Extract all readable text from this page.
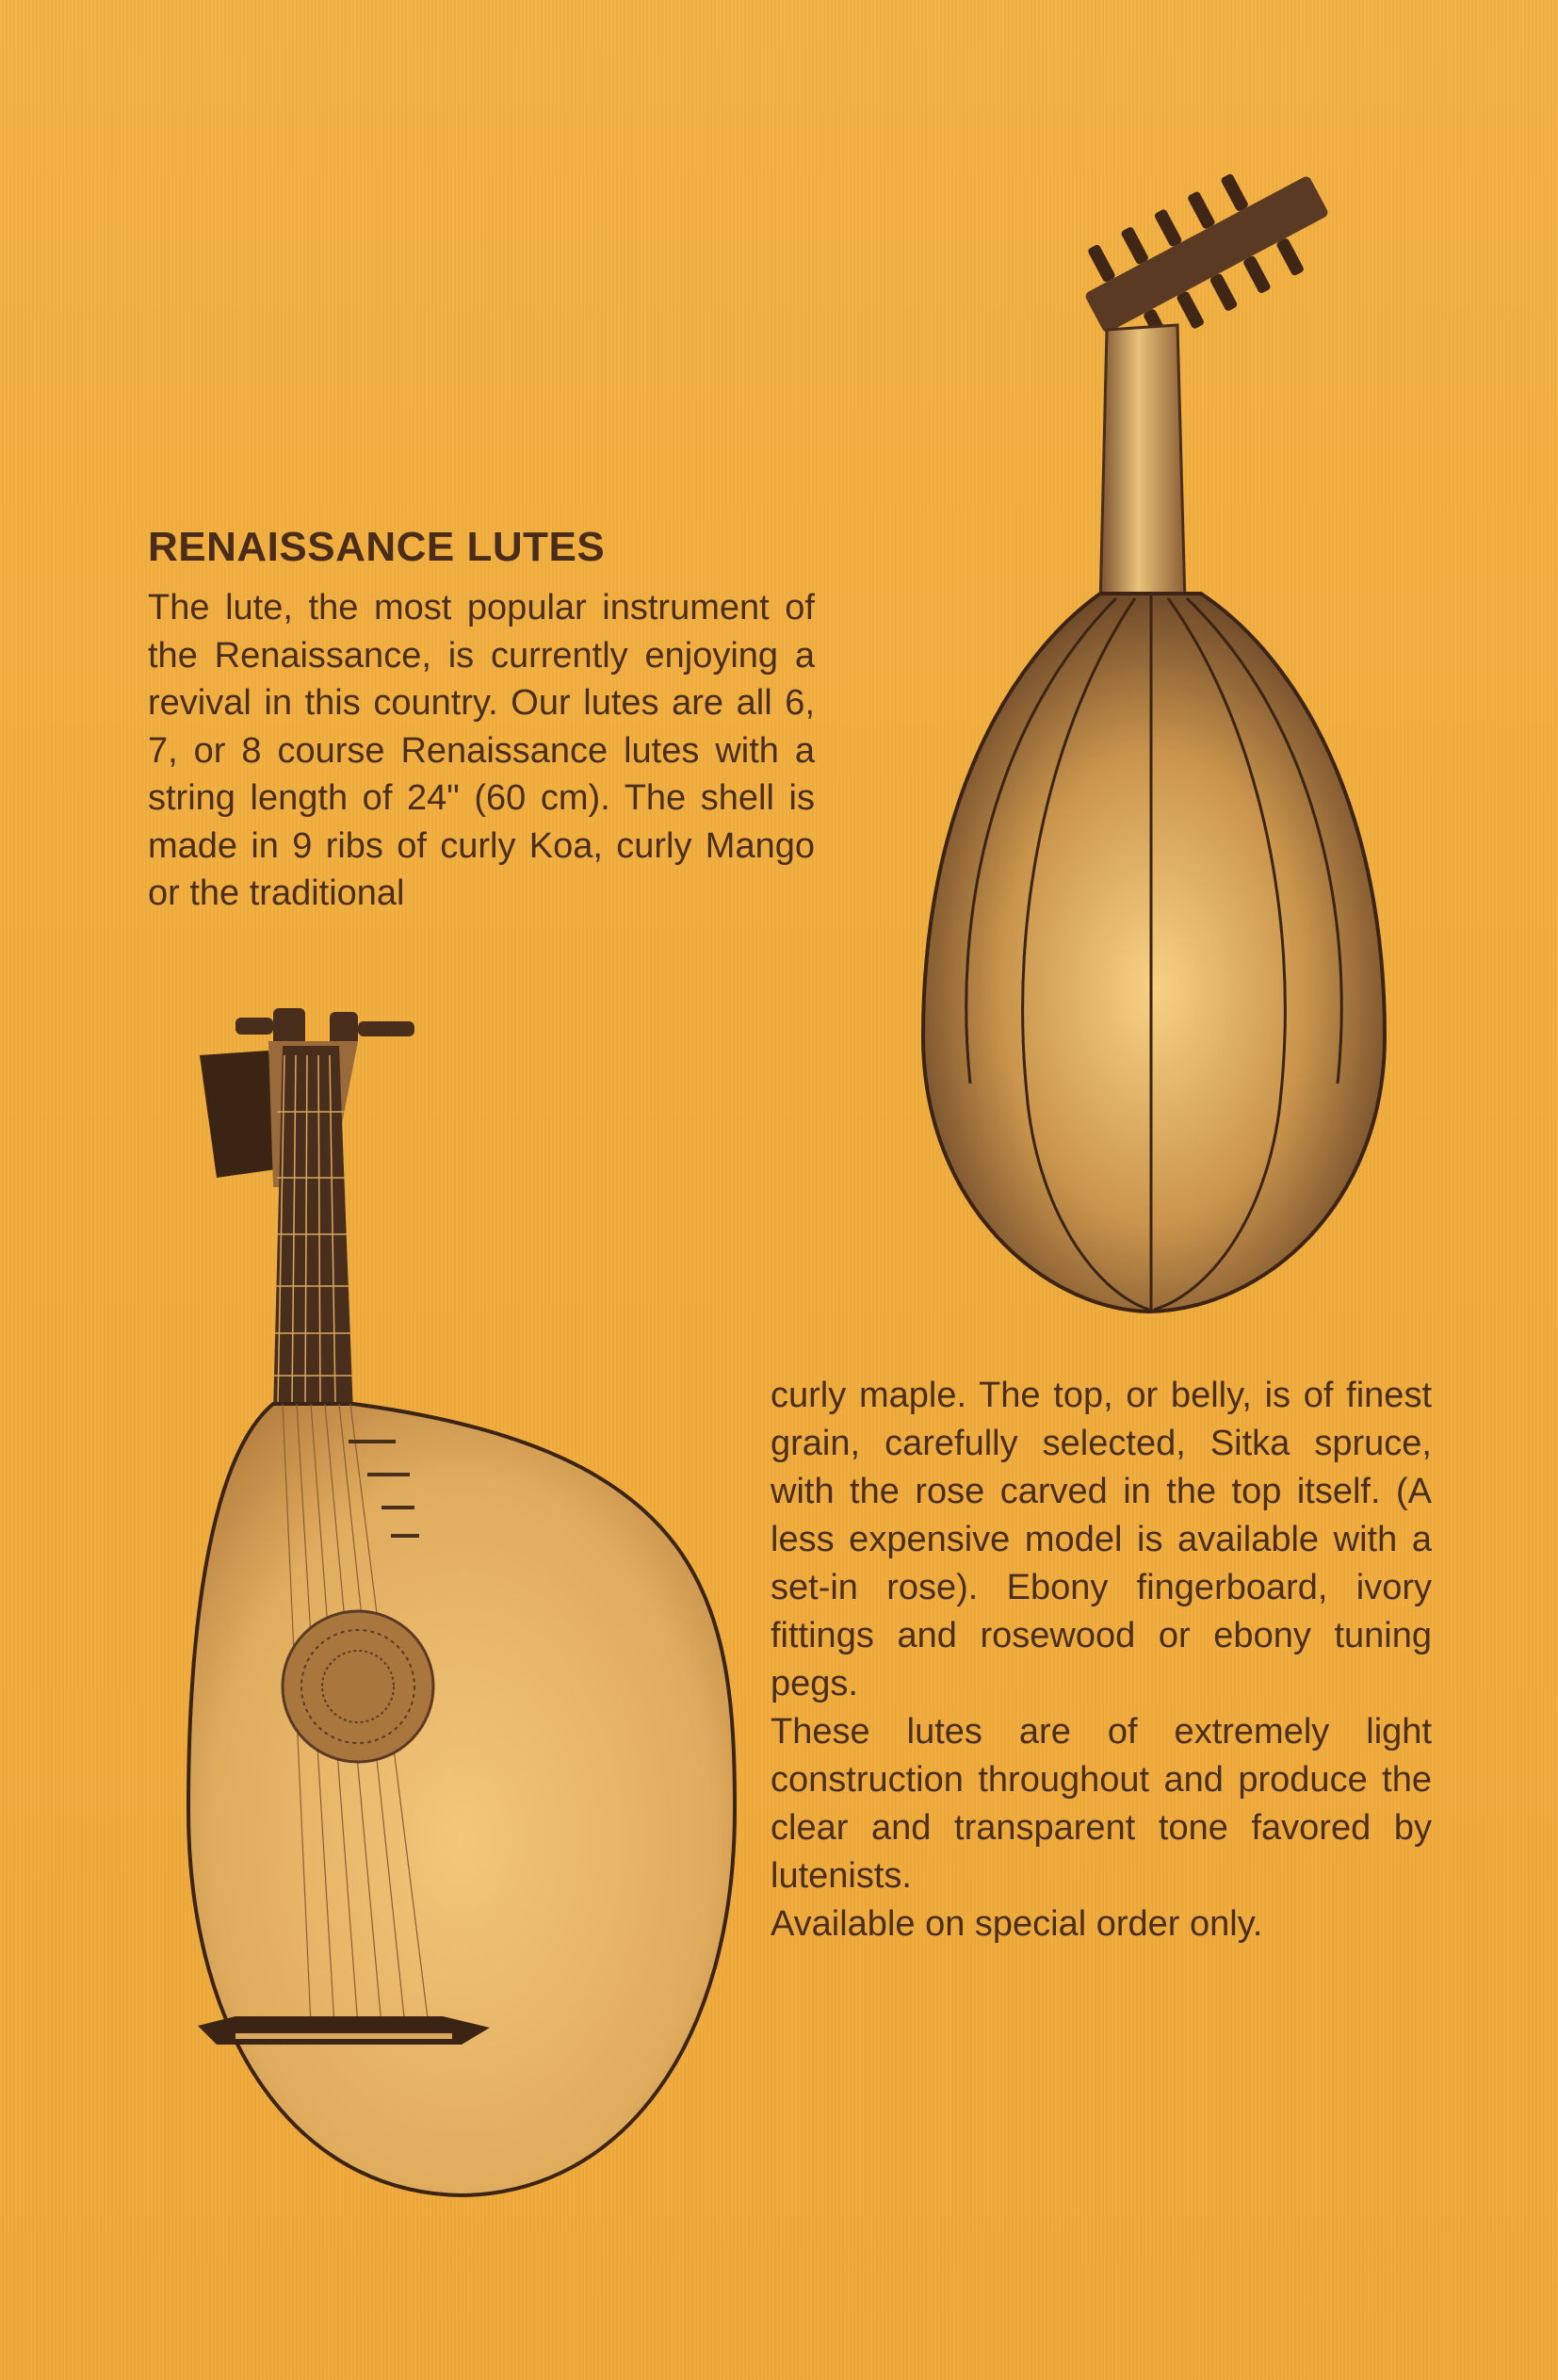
RENAISSANCE LUTES
The lute, the most popular instrument of the Renaissance, is currently enjoying a revival in this country. Our lutes are all 6, 7, or 8 course Renaissance lutes with a string length of 24" (60 cm). The shell is made in 9 ribs of curly Koa, curly Mango or the traditional

curly maple. The top, or belly, is of finest grain, carefully selected, Sitka spruce, with the rose carved in the top itself. (A less expensive model is available with a set-in rose). Ebony fingerboard, ivory fittings and rosewood or ebony tuning pegs.

These lutes are of extremely light construction throughout and produce the clear and transparent tone favored by lutenists.

Available on special order only.
